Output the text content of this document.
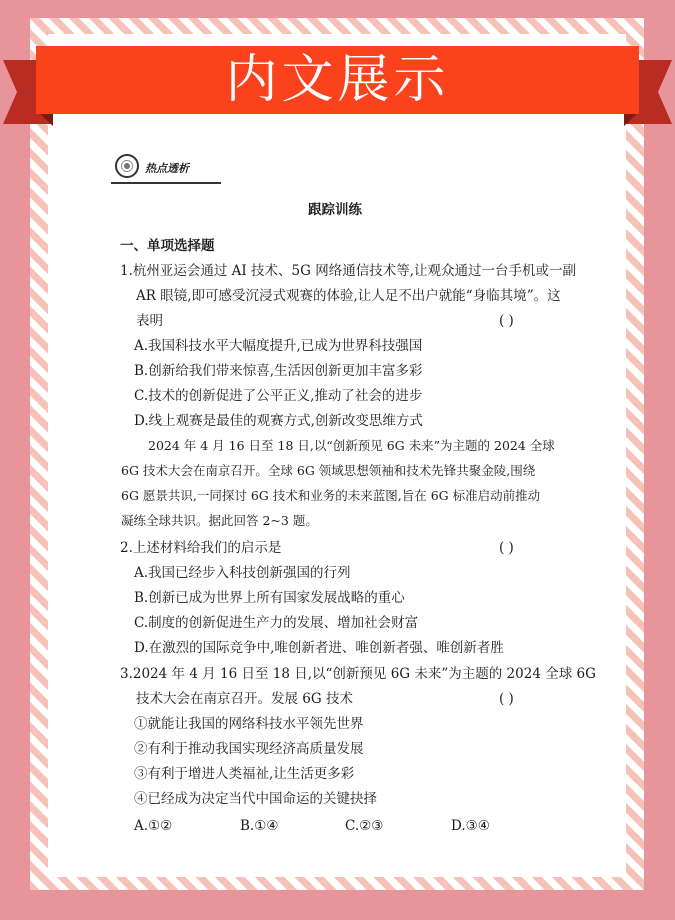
内文展示
热点透析
跟踪训练
一、单项选择题
1.杭州亚运会通过 AI 技术、5G 网络通信技术等,让观众通过一台手机或一副
AR 眼镜,即可感受沉浸式观赛的体验,让人足不出户就能“身临其境”。这
表明	( )
A.我国科技水平大幅度提升,已成为世界科技强国
B.创新给我们带来惊喜,生活因创新更加丰富多彩
C.技术的创新促进了公平正义,推动了社会的进步
D.线上观赛是最佳的观赛方式,创新改变思维方式
2024 年 4 月 16 日至 18 日,以“创新预见 6G 未来”为主题的 2024 全球
6G 技术大会在南京召开。全球 6G 领域思想领袖和技术先锋共聚金陵,围绕
6G 愿景共识,一同探讨 6G 技术和业务的未来蓝图,旨在 6G 标准启动前推动
凝练全球共识。据此回答 2~3 题。
2.上述材料给我们的启示是	( )
A.我国已经步入科技创新强国的行列
B.创新已成为世界上所有国家发展战略的重心
C.制度的创新促进生产力的发展、增加社会财富
D.在激烈的国际竞争中,唯创新者进、唯创新者强、唯创新者胜
3.2024 年 4 月 16 日至 18 日,以“创新预见 6G 未来”为主题的 2024 全球 6G
技术大会在南京召开。发展 6G 技术	( )
①就能让我国的网络科技水平领先世界
②有利于推动我国实现经济高质量发展
③有利于增进人类福祉,让生活更多彩
④已经成为决定当代中国命运的关键抉择
A.①②	B.①④	C.②③	D.③④
